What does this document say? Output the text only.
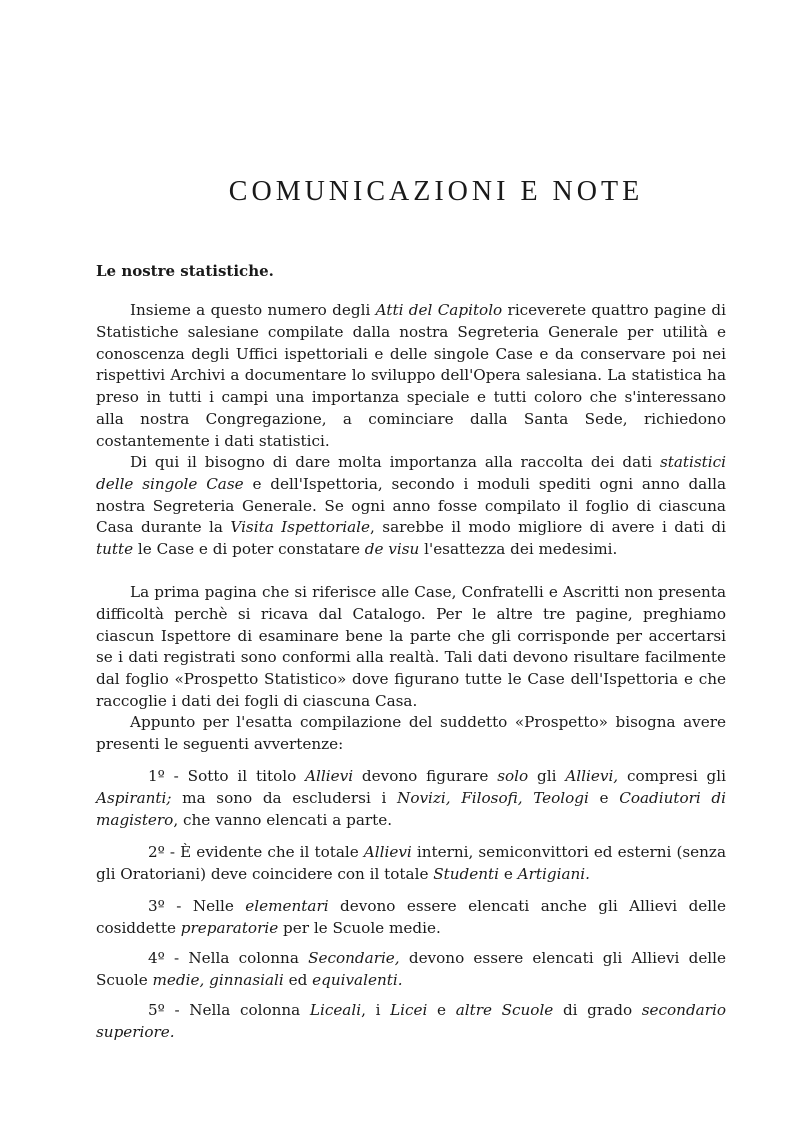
COMUNICAZIONI E NOTE
Le nostre statistiche.

Insieme a questo numero degli Atti del Capitolo riceverete quattro pagine di Statistiche salesiane compilate dalla nostra Segreteria Generale per utilità e conoscenza degli Uffici ispettoriali e delle singole Case e da conservare poi nei rispettivi Archivi a documentare lo sviluppo dell'Opera salesiana. La statistica ha preso in tutti i campi una importanza speciale e tutti coloro che s'interessano alla nostra Congregazione, a cominciare dalla Santa Sede, richiedono costantemente i dati statistici.

Di qui il bisogno di dare molta importanza alla raccolta dei dati statistici delle singole Case e dell'Ispettoria, secondo i moduli spediti ogni anno dalla nostra Segreteria Generale. Se ogni anno fosse compilato il foglio di ciascuna Casa durante la Visita Ispettoriale, sarebbe il modo migliore di avere i dati di tutte le Case e di poter constatare de visu l'esattezza dei medesimi.

La prima pagina che si riferisce alle Case, Confratelli e Ascritti non presenta difficoltà perchè si ricava dal Catalogo. Per le altre tre pagine, preghiamo ciascun Ispettore di esaminare bene la parte che gli corrisponde per accertarsi se i dati registrati sono conformi alla realtà. Tali dati devono risultare facilmente dal foglio «Prospetto Statistico» dove figurano tutte le Case dell'Ispettoria e che raccoglie i dati dei fogli di ciascuna Casa.

Appunto per l'esatta compilazione del suddetto «Prospetto» bisogna avere presenti le seguenti avvertenze:

1º - Sotto il titolo Allievi devono figurare solo gli Allievi, compresi gli Aspiranti; ma sono da escludersi i Novizi, Filosofi, Teologi e Coadiutori di magistero, che vanno elencati a parte.

2º - È evidente che il totale Allievi interni, semiconvittori ed esterni (senza gli Oratoriani) deve coincidere con il totale Studenti e Artigiani.

3º - Nelle elementari devono essere elencati anche gli Allievi delle cosiddette preparatorie per le Scuole medie.

4º - Nella colonna Secondarie, devono essere elencati gli Allievi delle Scuole medie, ginnasiali ed equivalenti.

5º - Nella colonna Liceali, i Licei e altre Scuole di grado secondario superiore.
